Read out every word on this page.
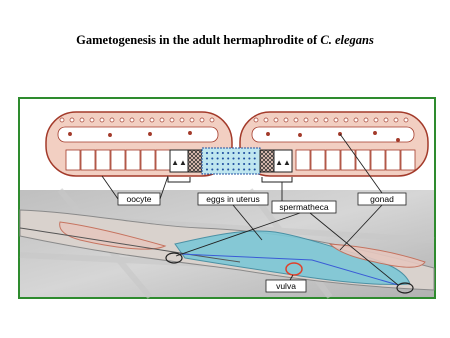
Gametogenesis in the adult hermaphrodite of C. elegans
▲▲	▲▲
oocyte	eggs in uterus
spermatheca
gonad
vulva
